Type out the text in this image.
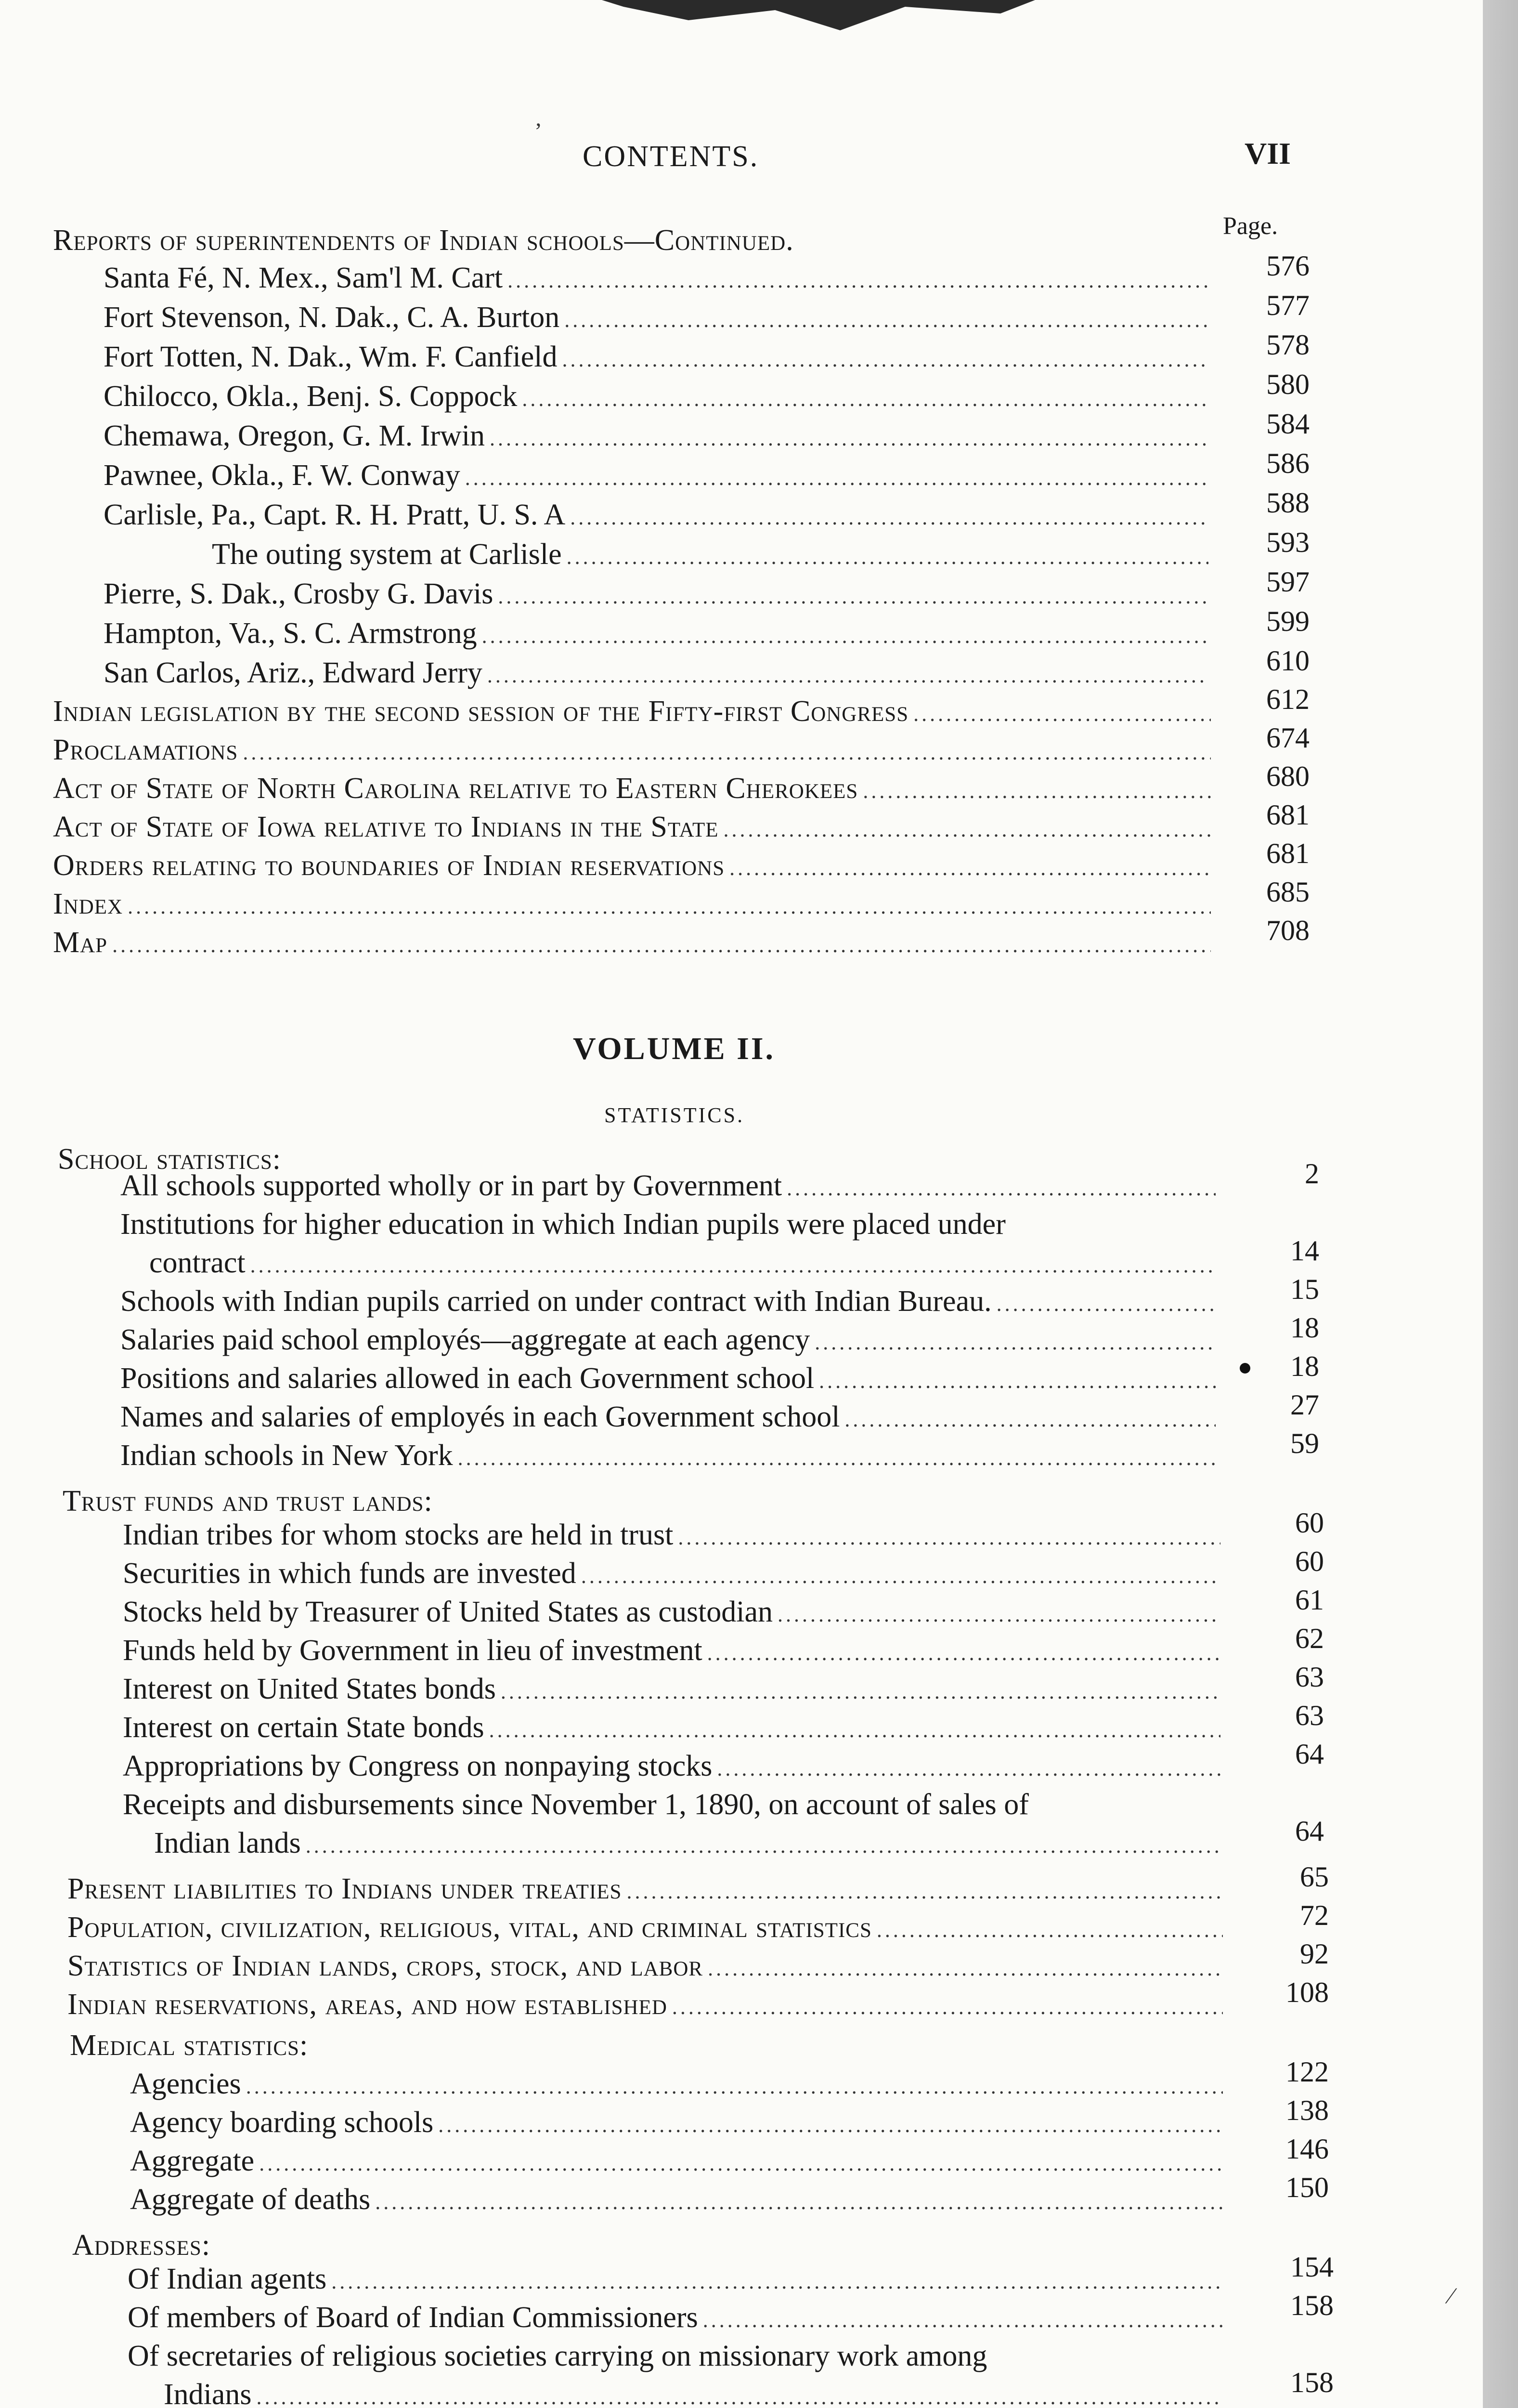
CONTENTS.	VII
Page.
Reports of superintendents of Indian schools—Continued.
576
Santa Fé, N. Mex., Sam'l M. Cart
.....
577
Fort Stevenson, N. Dak., C. A. Burton
.....
578
Fort Totten, N. Dak., Wm. F. Canfield
.....
580
Chilocco, Okla., Benj. S. Coppock
.....
584
Chemawa, Oregon, G. M. Irwin
.....
586
Pawnee, Okla., F. W. Conway
.....
588
Carlisle, Pa., Capt. R. H. Pratt, U. S. A
.....
593
The outing system at Carlisle
.....
597
Pierre, S. Dak., Crosby G. Davis
.....
599
Hampton, Va., S. C. Armstrong
.....
610
San Carlos, Ariz., Edward Jerry
.....
612
Indian legislation by the second session of the Fifty-first Congress
.....
674
Proclamations
.....
680
Act of State of North Carolina relative to Eastern Cherokees
.....
681
Act of State of Iowa relative to Indians in the State
.....
681
Orders relating to boundaries of Indian reservations
.....
685
Index
.....
708
Map
.....
VOLUME II.
STATISTICS.
School statistics:	2
All schools supported wholly or in part by Government
.....
Institutions for higher education in which Indian pupils were placed under
14
contract
.....
15
Schools with Indian pupils carried on under contract with Indian Bureau.
.....
18
Salaries paid school employés—aggregate at each agency
.....
18
Positions and salaries allowed in each Government school
.....
27
Names and salaries of employés in each Government school
.....
59
Indian schools in New York
.....
Trust funds and trust lands:
60
Indian tribes for whom stocks are held in trust
.....
60
Securities in which funds are invested
.....
61
Stocks held by Treasurer of United States as custodian
.....
62
Funds held by Government in lieu of investment
.....
63
Interest on United States bonds
.....
63
Interest on certain State bonds
.....
64
Appropriations by Congress on nonpaying stocks
.....
Receipts and disbursements since November 1, 1890, on account of sales of
64
Indian lands
.....
65
Present liabilities to Indians under treaties
.....
72
Population, civilization, religious, vital, and criminal statistics
.....
92
Statistics of Indian lands, crops, stock, and labor
.....
108
Indian reservations, areas, and how established
.....
Medical statistics:
122
Agencies
.....
138
Agency boarding schools
.....
146
Aggregate
.....
150
Aggregate of deaths
.....
Addresses:
154
Of Indian agents
.....
158
Of members of Board of Indian Commissioners
.....
Of secretaries of religious societies carrying on missionary work among
158
Indians
.....
’
⁄
